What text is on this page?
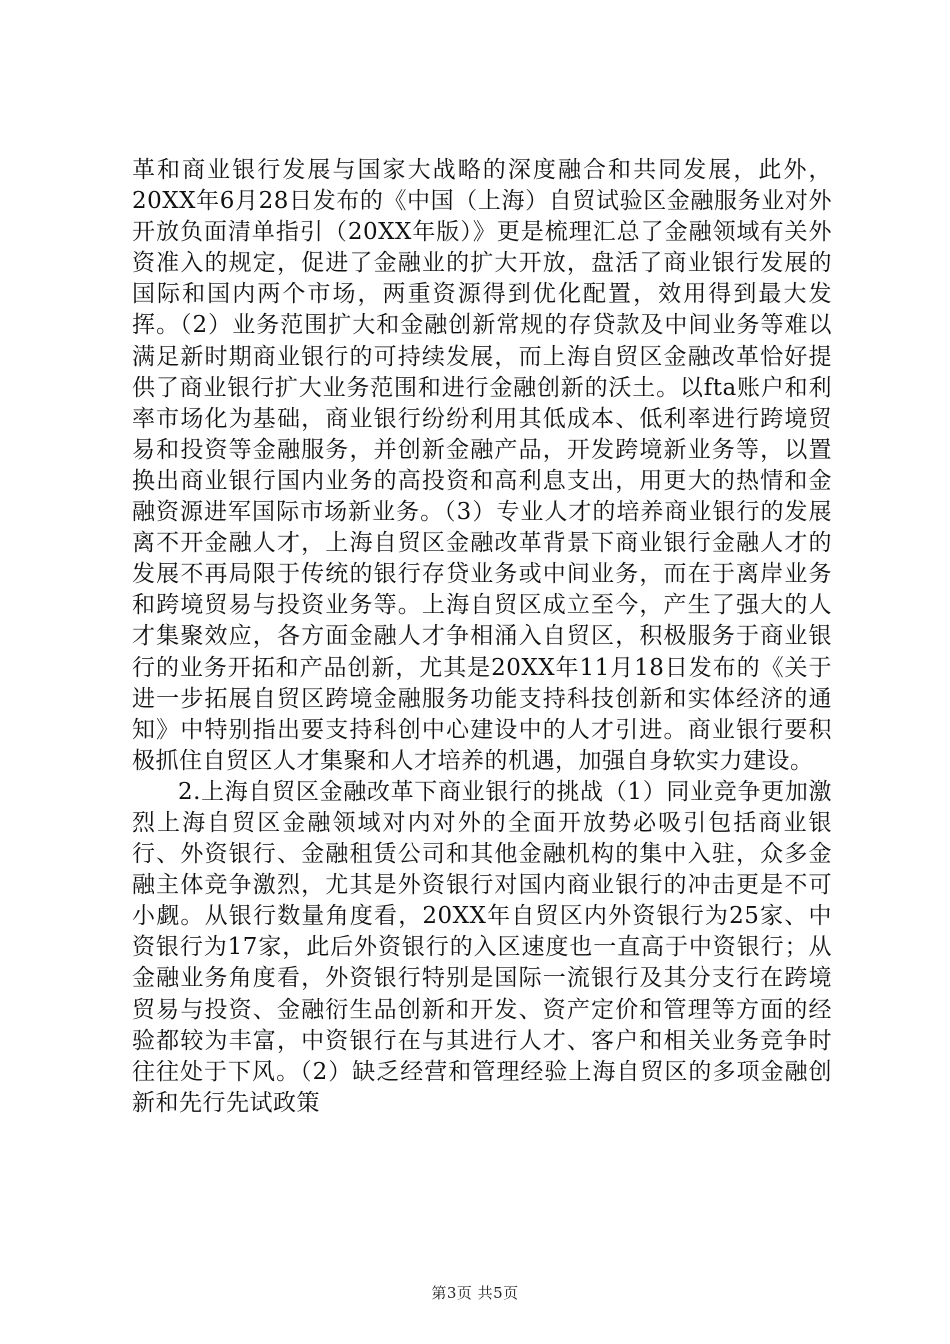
革和商业银行发展与国家大战略的深度融合和共同发展，此外，20XX年6月28日发布的《中国（上海）自贸试验区金融服务业对外开放负面清单指引（20XX年版）》更是梳理汇总了金融领域有关外资准入的规定，促进了金融业的扩大开放，盘活了商业银行发展的国际和国内两个市场，两重资源得到优化配置，效用得到最大发挥。（2）业务范围扩大和金融创新常规的存贷款及中间业务等难以满足新时期商业银行的可持续发展，而上海自贸区金融改革恰好提供了商业银行扩大业务范围和进行金融创新的沃土。以fta账户和利率市场化为基础，商业银行纷纷利用其低成本、低利率进行跨境贸易和投资等金融服务，并创新金融产品，开发跨境新业务等，以置换出商业银行国内业务的高投资和高利息支出，用更大的热情和金融资源进军国际市场新业务。（3）专业人才的培养商业银行的发展离不开金融人才，上海自贸区金融改革背景下商业银行金融人才的发展不再局限于传统的银行存贷业务或中间业务，而在于离岸业务和跨境贸易与投资业务等。上海自贸区成立至今，产生了强大的人才集聚效应，各方面金融人才争相涌入自贸区，积极服务于商业银行的业务开拓和产品创新，尤其是20XX年11月18日发布的《关于进一步拓展自贸区跨境金融服务功能支持科技创新和实体经济的通知》中特别指出要支持科创中心建设中的人才引进。商业银行要积极抓住自贸区人才集聚和人才培养的机遇，加强自身软实力建设。

2.上海自贸区金融改革下商业银行的挑战（1）同业竞争更加激烈上海自贸区金融领域对内对外的全面开放势必吸引包括商业银行、外资银行、金融租赁公司和其他金融机构的集中入驻，众多金融主体竞争激烈，尤其是外资银行对国内商业银行的冲击更是不可小觑。从银行数量角度看，20XX年自贸区内外资银行为25家、中资银行为17家，此后外资银行的入区速度也一直高于中资银行；从金融业务角度看，外资银行特别是国际一流银行及其分支行在跨境贸易与投资、金融衍生品创新和开发、资产定价和管理等方面的经验都较为丰富，中资银行在与其进行人才、客户和相关业务竞争时往往处于下风。（2）缺乏经营和管理经验上海自贸区的多项金融创新和先行先试政策

第3页 共5页
